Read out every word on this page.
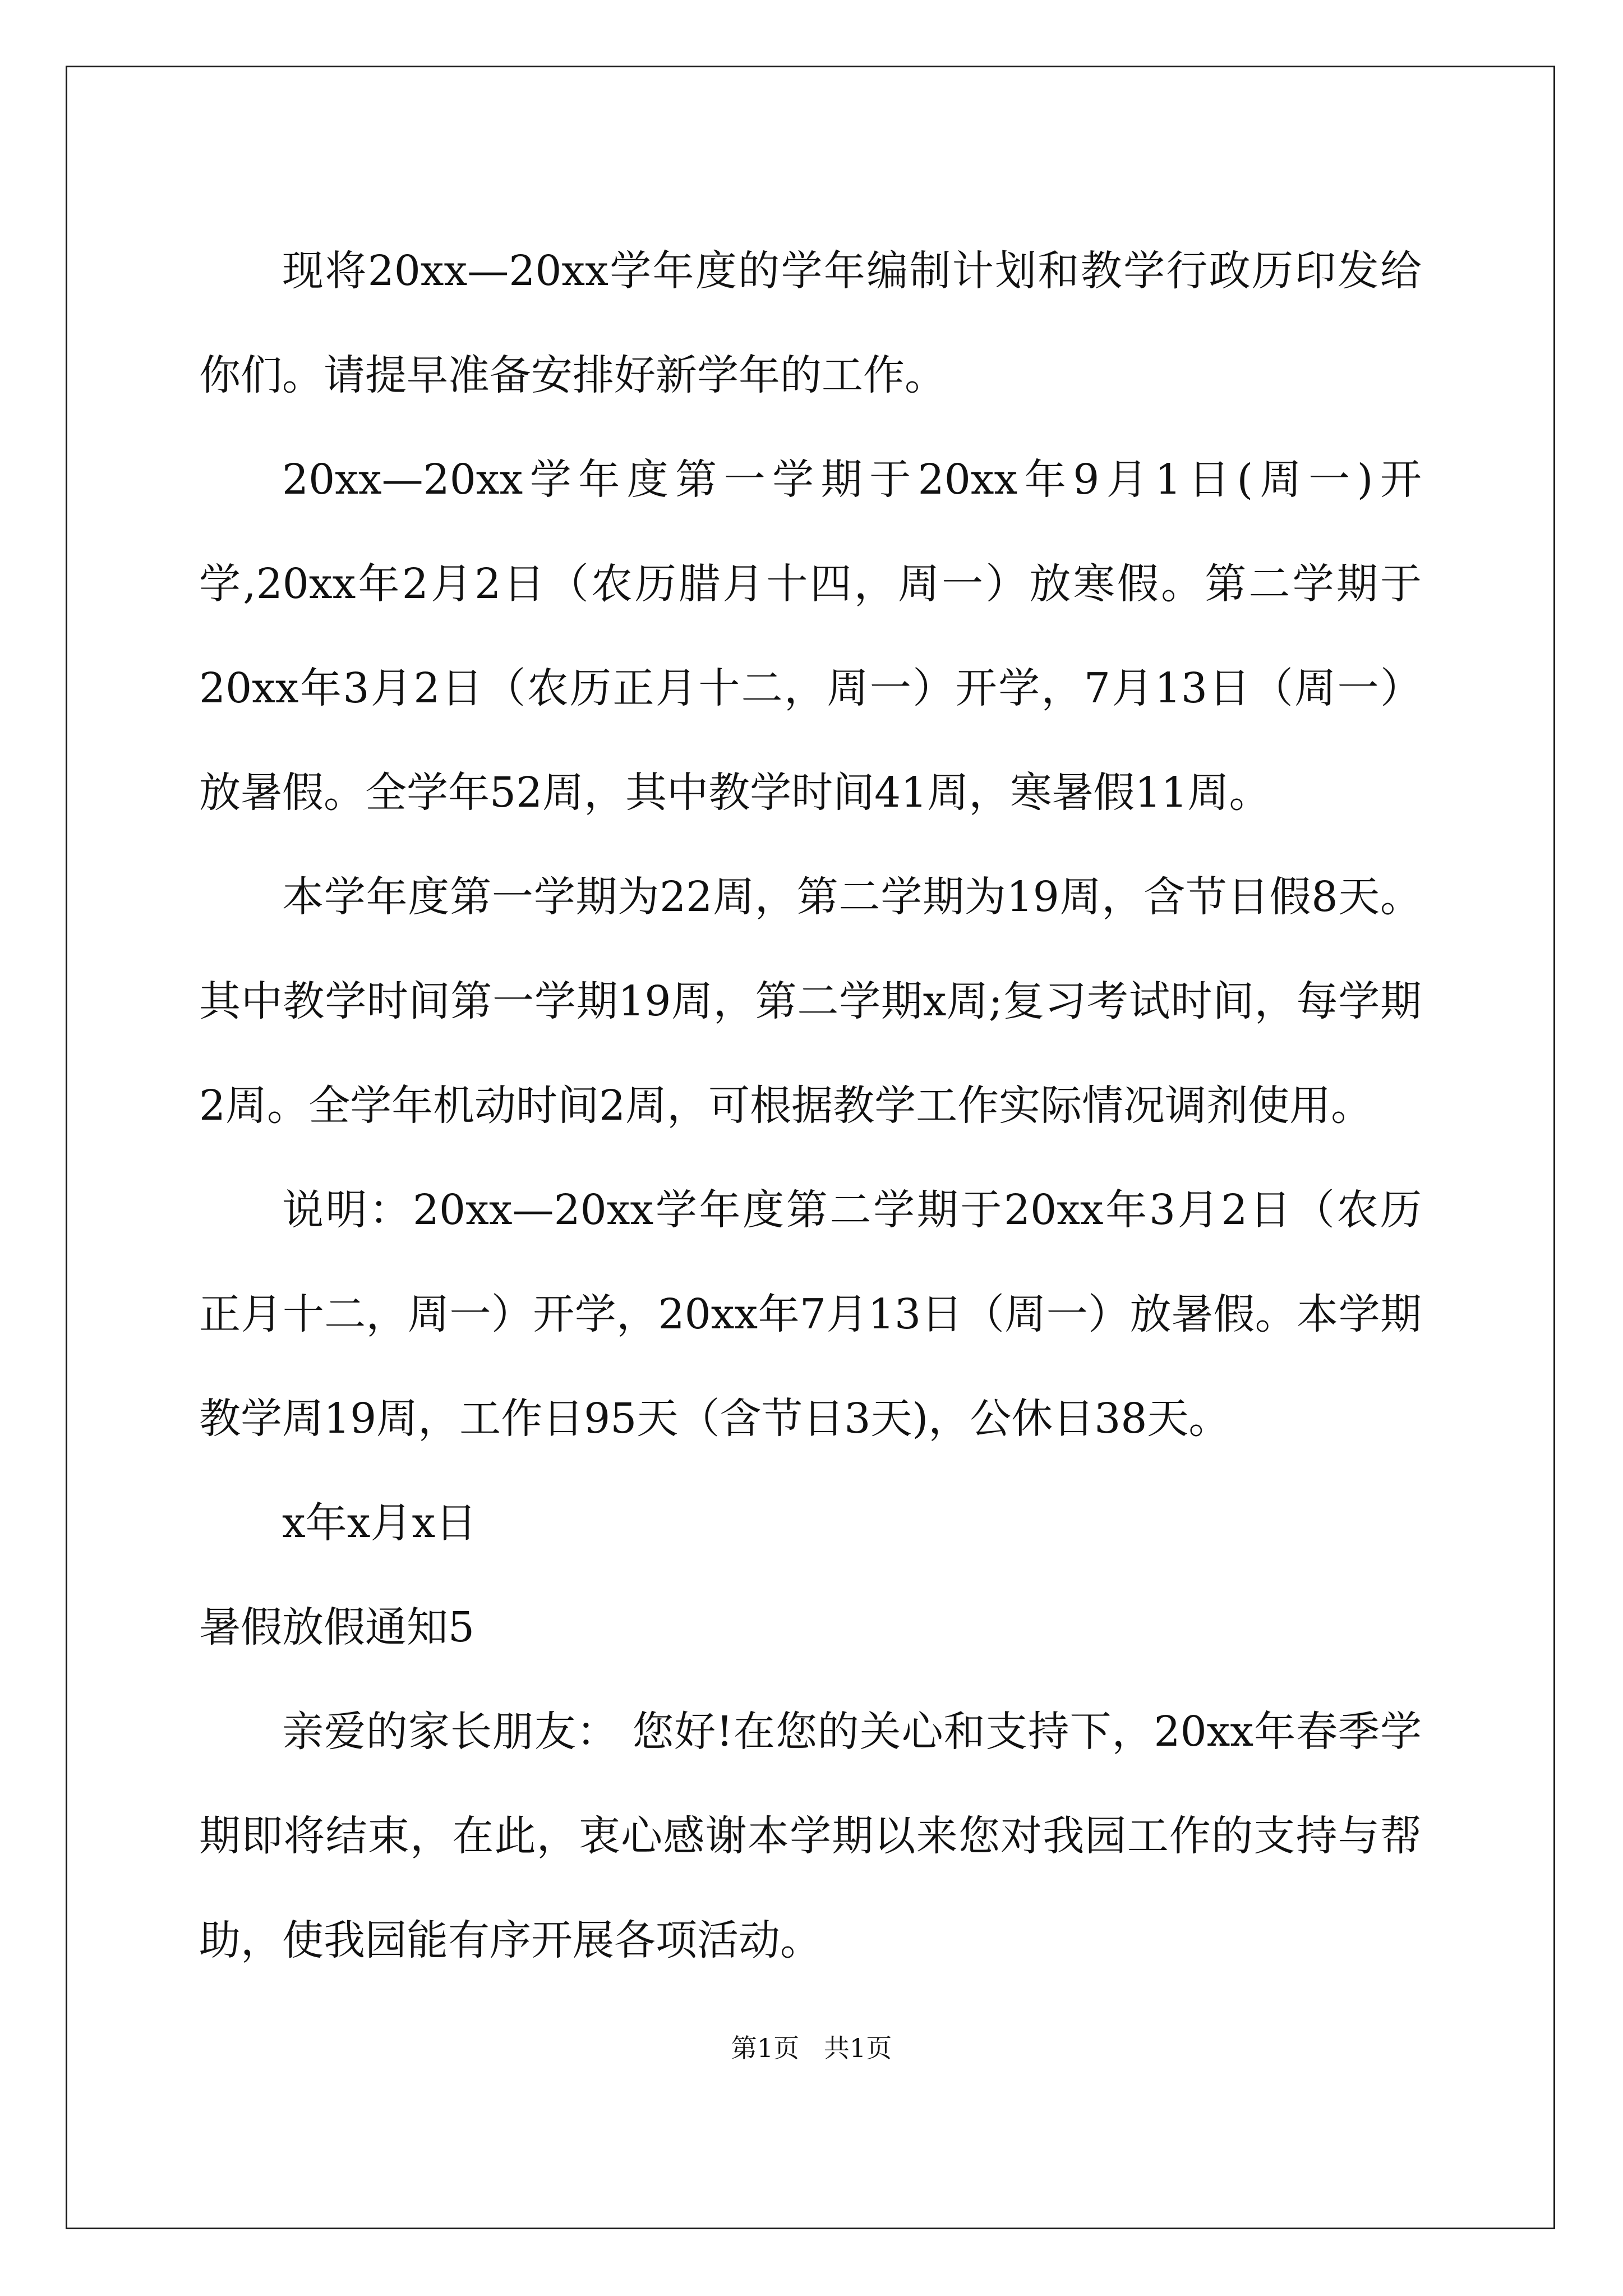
现将20xx—20xx学年度的学年编制计划和教学行政历印发给你们。请提早准备安排好新学年的工作。

20xx—20xx学年度第一学期于20xx年9月1日(周一)开学,20xx年2月2日（农历腊月十四，周一）放寒假。第二学期于20xx年3月2日（农历正月十二，周一）开学，7月13日（周一）放暑假。全学年52周，其中教学时间41周，寒暑假11周。

本学年度第一学期为22周，第二学期为19周，含节日假8天。其中教学时间第一学期19周，第二学期x周;复习考试时间，每学期2周。全学年机动时间2周，可根据教学工作实际情况调剂使用。

说明：20xx—20xx学年度第二学期于20xx年3月2日（农历正月十二，周一）开学，20xx年7月13日（周一）放暑假。本学期教学周19周，工作日95天（含节日3天)，公休日38天。

x年x月x日

暑假放假通知5

亲爱的家长朋友： 您好!在您的关心和支持下，20xx年春季学期即将结束，在此，衷心感谢本学期以来您对我园工作的支持与帮助，使我园能有序开展各项活动。

第1页   共1页
